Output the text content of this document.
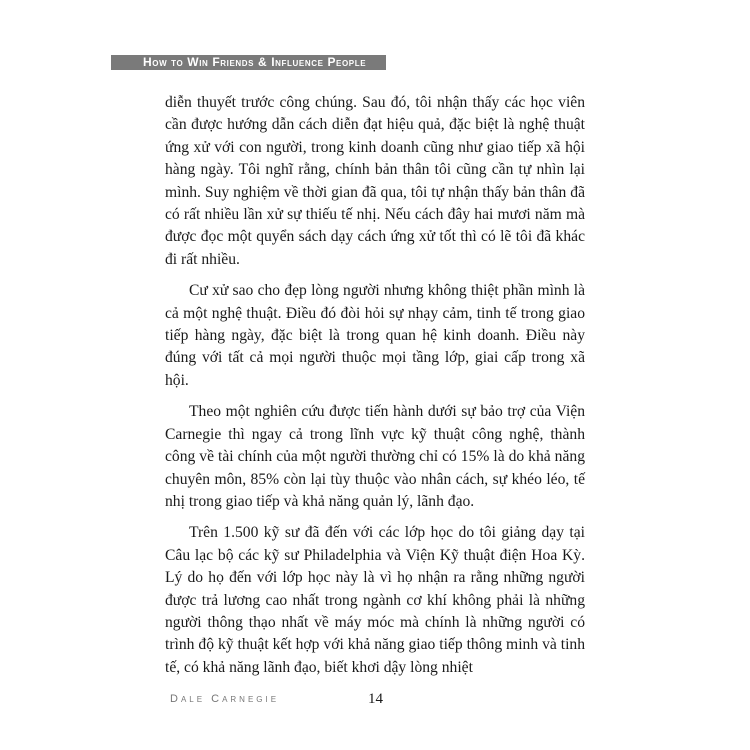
How to Win Friends & Influence People

diễn thuyết trước công chúng. Sau đó, tôi nhận thấy các học viên cần được hướng dẫn cách diễn đạt hiệu quả, đặc biệt là nghệ thuật ứng xử với con người, trong kinh doanh cũng như giao tiếp xã hội hàng ngày. Tôi nghĩ rằng, chính bản thân tôi cũng cần tự nhìn lại mình. Suy nghiệm về thời gian đã qua, tôi tự nhận thấy bản thân đã có rất nhiều lần xử sự thiếu tế nhị. Nếu cách đây hai mươi năm mà được đọc một quyển sách dạy cách ứng xử tốt thì có lẽ tôi đã khác đi rất nhiều.

Cư xử sao cho đẹp lòng người nhưng không thiệt phần mình là cả một nghệ thuật. Điều đó đòi hỏi sự nhạy cảm, tinh tế trong giao tiếp hàng ngày, đặc biệt là trong quan hệ kinh doanh. Điều này đúng với tất cả mọi người thuộc mọi tầng lớp, giai cấp trong xã hội.

Theo một nghiên cứu được tiến hành dưới sự bảo trợ của Viện Carnegie thì ngay cả trong lĩnh vực kỹ thuật công nghệ, thành công về tài chính của một người thường chỉ có 15% là do khả năng chuyên môn, 85% còn lại tùy thuộc vào nhân cách, sự khéo léo, tế nhị trong giao tiếp và khả năng quản lý, lãnh đạo.

Trên 1.500 kỹ sư đã đến với các lớp học do tôi giảng dạy tại Câu lạc bộ các kỹ sư Philadelphia và Viện Kỹ thuật điện Hoa Kỳ. Lý do họ đến với lớp học này là vì họ nhận ra rằng những người được trả lương cao nhất trong ngành cơ khí không phải là những người thông thạo nhất về máy móc mà chính là những người có trình độ kỹ thuật kết hợp với khả năng giao tiếp thông minh và tinh tế, có khả năng lãnh đạo, biết khơi dậy lòng nhiệt

Dale Carnegie	14
